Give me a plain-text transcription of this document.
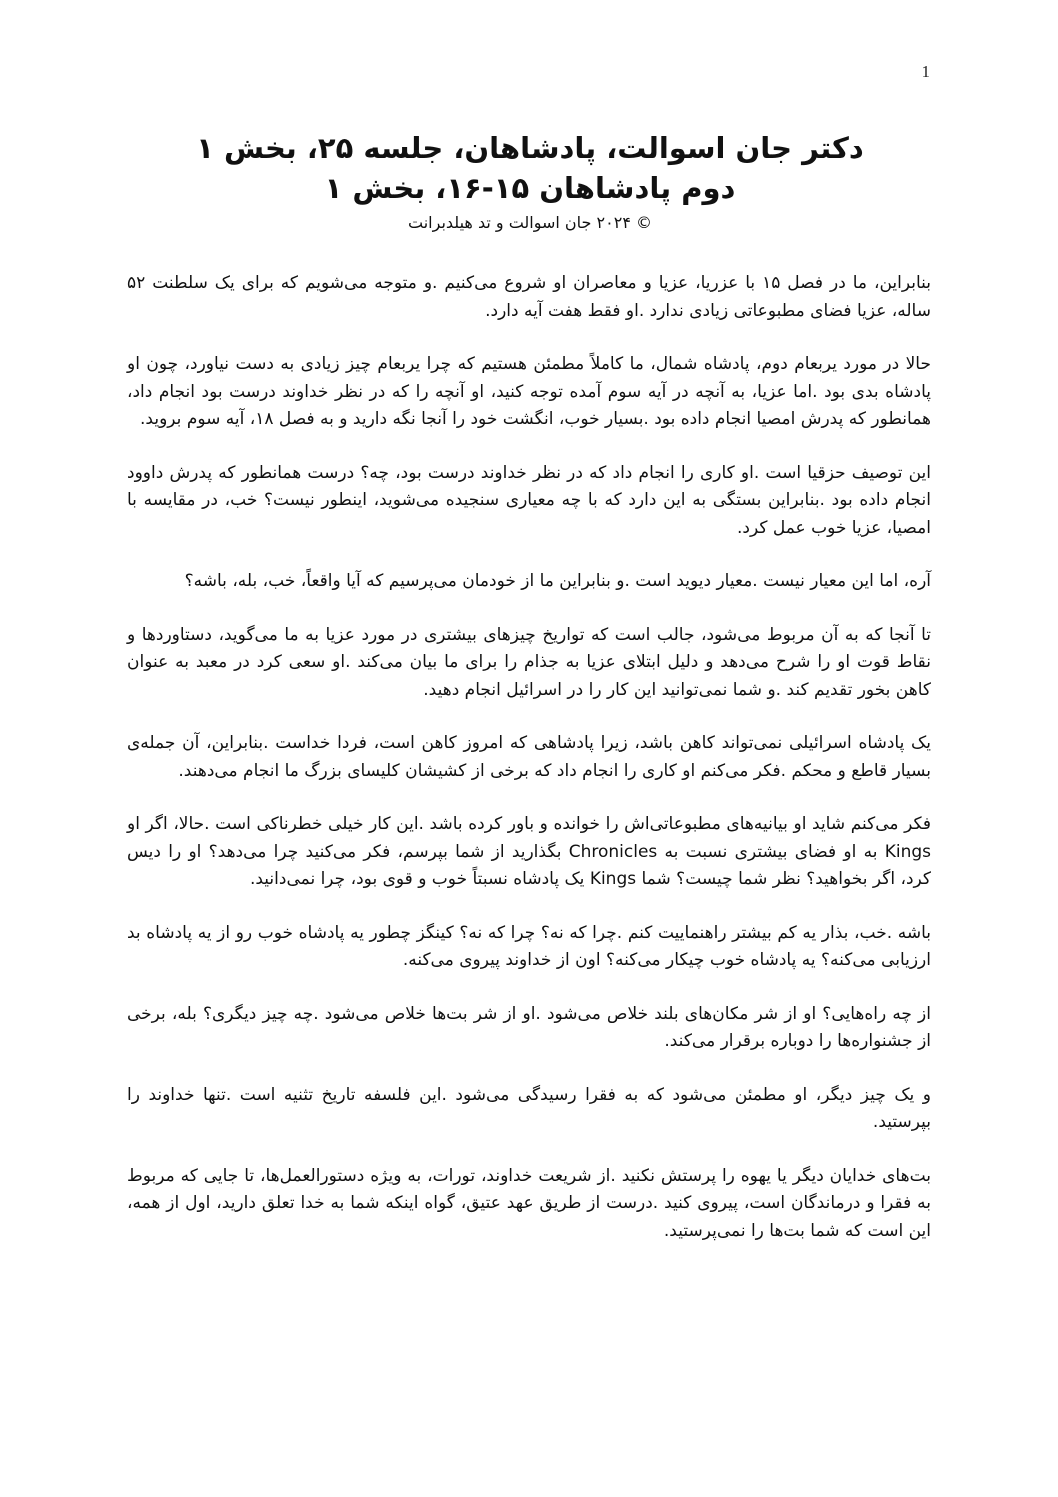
1
دکتر جان اسوالت، پادشاهان، جلسه ۲۵، بخش ۱
دوم پادشاهان ۱۵-۱۶، بخش ۱

© ۲۰۲۴ جان اسوالت و تد هیلدبرانت

بنابراین، ما در فصل ۱۵ با عزریا، عزیا و معاصران او شروع می‌کنیم .و متوجه می‌شویم که برای یک سلطنت ۵۲ ساله، عزیا فضای مطبوعاتی زیادی ندارد .او فقط هفت آیه دارد.

حالا در مورد یربعام دوم، پادشاه شمال، ما کاملاً مطمئن هستیم که چرا یربعام چیز زیادی به دست نیاورد، چون او پادشاه بدی بود .اما عزیا، به آنچه در آیه سوم آمده توجه کنید، او آنچه را که در نظر خداوند درست بود انجام داد، همانطور که پدرش امصیا انجام داده بود .بسیار خوب، انگشت خود را آنجا نگه دارید و به فصل ۱۸، آیه سوم بروید.

این توصیف حزقیا است .او کاری را انجام داد که در نظر خداوند درست بود، چه؟ درست همانطور که پدرش داوود انجام داده بود .بنابراین بستگی به این دارد که با چه معیاری سنجیده می‌شوید، اینطور نیست؟ خب، در مقایسه با امصیا، عزیا خوب عمل کرد.

آره، اما این معیار نیست .معیار دیوید است .و بنابراین ما از خودمان می‌پرسیم که آیا واقعاً، خب، بله، باشه؟

تا آنجا که به آن مربوط می‌شود، جالب است که تواریخ چیزهای بیشتری در مورد عزیا به ما می‌گوید، دستاوردها و نقاط قوت او را شرح می‌دهد و دلیل ابتلای عزیا به جذام را برای ما بیان می‌کند .او سعی کرد در معبد به عنوان کاهن بخور تقدیم کند .و شما نمی‌توانید این کار را در اسرائیل انجام دهید.

یک پادشاه اسرائیلی نمی‌تواند کاهن باشد، زیرا پادشاهی که امروز کاهن است، فردا خداست .بنابراین، آن جمله‌ی بسیار قاطع و محکم .فکر می‌کنم او کاری را انجام داد که برخی از کشیشان کلیسای بزرگ ما انجام می‌دهند.

فکر می‌کنم شاید او بیانیه‌های مطبوعاتی‌اش را خوانده و باور کرده باشد .این کار خیلی خطرناکی است .حالا، اگر او Kings به او فضای بیشتری نسبت به Chronicles بگذارید از شما بپرسم، فکر می‌کنید چرا می‌دهد؟ او را دیس کرد، اگر بخواهید؟ نظر شما چیست؟ شما Kings یک پادشاه نسبتاً خوب و قوی بود، چرا نمی‌دانید.

باشه .خب، بذار یه کم بیشتر راهنماییت کنم .چرا که نه؟ چرا که نه؟ کینگز چطور یه پادشاه خوب رو از یه پادشاه بد ارزیابی می‌کنه؟ یه پادشاه خوب چیکار می‌کنه؟ اون از خداوند پیروی می‌کنه.

از چه راه‌هایی؟ او از شر مکان‌های بلند خلاص می‌شود .او از شر بت‌ها خلاص می‌شود .چه چیز دیگری؟ بله، برخی از جشنواره‌ها را دوباره برقرار می‌کند.

و یک چیز دیگر، او مطمئن می‌شود که به فقرا رسیدگی می‌شود .این فلسفه تاریخ تثنیه است .تنها خداوند را بپرستید.

بت‌های خدایان دیگر یا یهوه را پرستش نکنید .از شریعت خداوند، تورات، به ویژه دستورالعمل‌ها، تا جایی که مربوط به فقرا و درماندگان است، پیروی کنید .درست از طریق عهد عتیق، گواه اینکه شما به خدا تعلق دارید، اول از همه، این است که شما بت‌ها را نمی‌پرستید.
